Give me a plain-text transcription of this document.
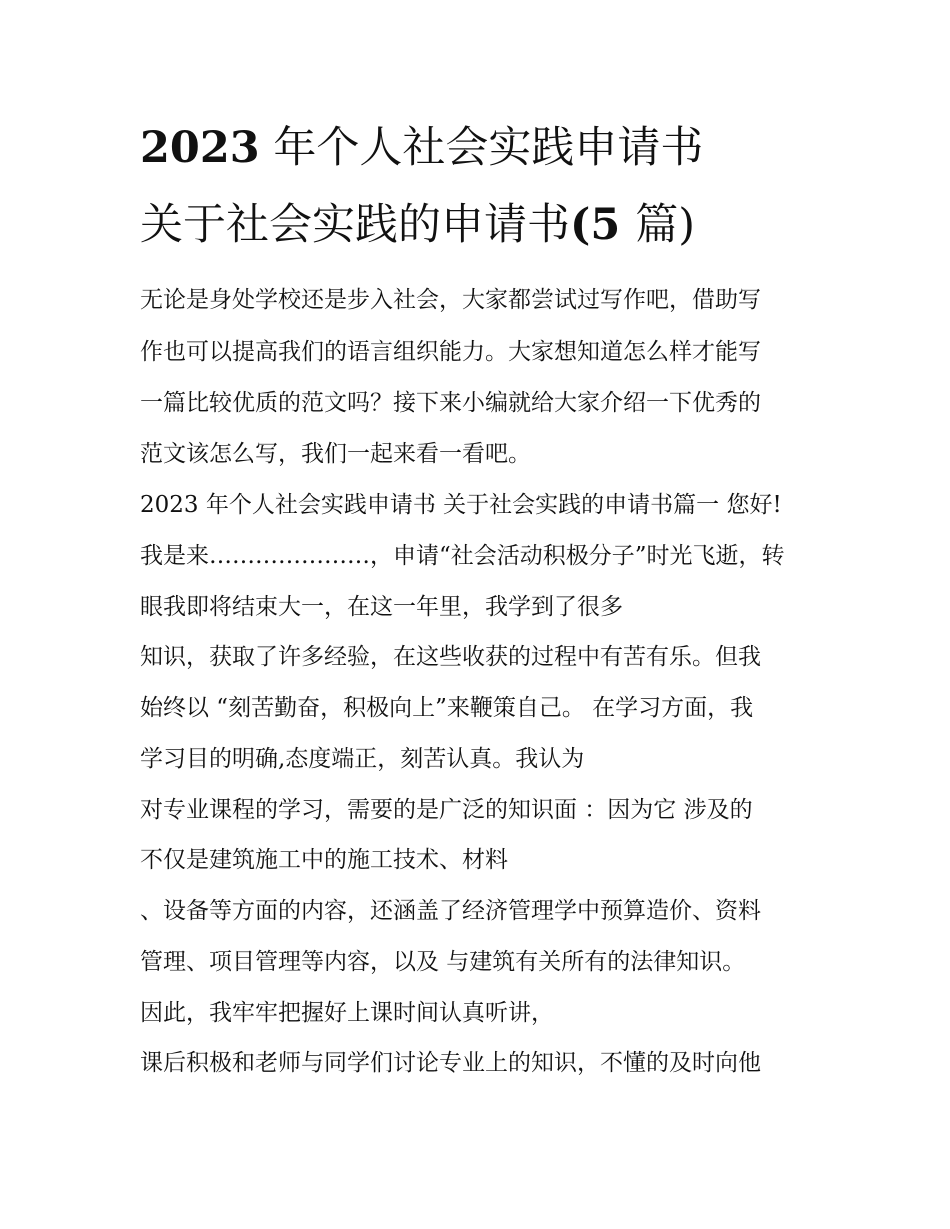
2023 年个人社会实践申请书
关于社会实践的申请书(5 篇)

无论是身处学校还是步入社会，大家都尝试过写作吧，借助写

作也可以提高我们的语言组织能力。大家想知道怎么样才能写

一篇比较优质的范文吗？接下来小编就给大家介绍一下优秀的

范文该怎么写，我们一起来看一看吧。

2023 年个人社会实践申请书 关于社会实践的申请书篇一 您好!

我是来…………………，申请“社会活动积极分子”时光飞逝，转

眼我即将结束大一，在这一年里，我学到了很多

知识，获取了许多经验，在这些收获的过程中有苦有乐。但我

始终以 “刻苦勤奋，积极向上”来鞭策自己。 在学习方面，我

学习目的明确,态度端正，刻苦认真。我认为

对专业课程的学习，需要的是广泛的知识面 ：因为它 涉及的

不仅是建筑施工中的施工技术、材料

、设备等方面的内容，还涵盖了经济管理学中预算造价、资料

管理、项目管理等内容，以及 与建筑有关所有的法律知识。

因此，我牢牢把握好上课时间认真听讲，

课后积极和老师与同学们讨论专业上的知识，不懂的及时向他
